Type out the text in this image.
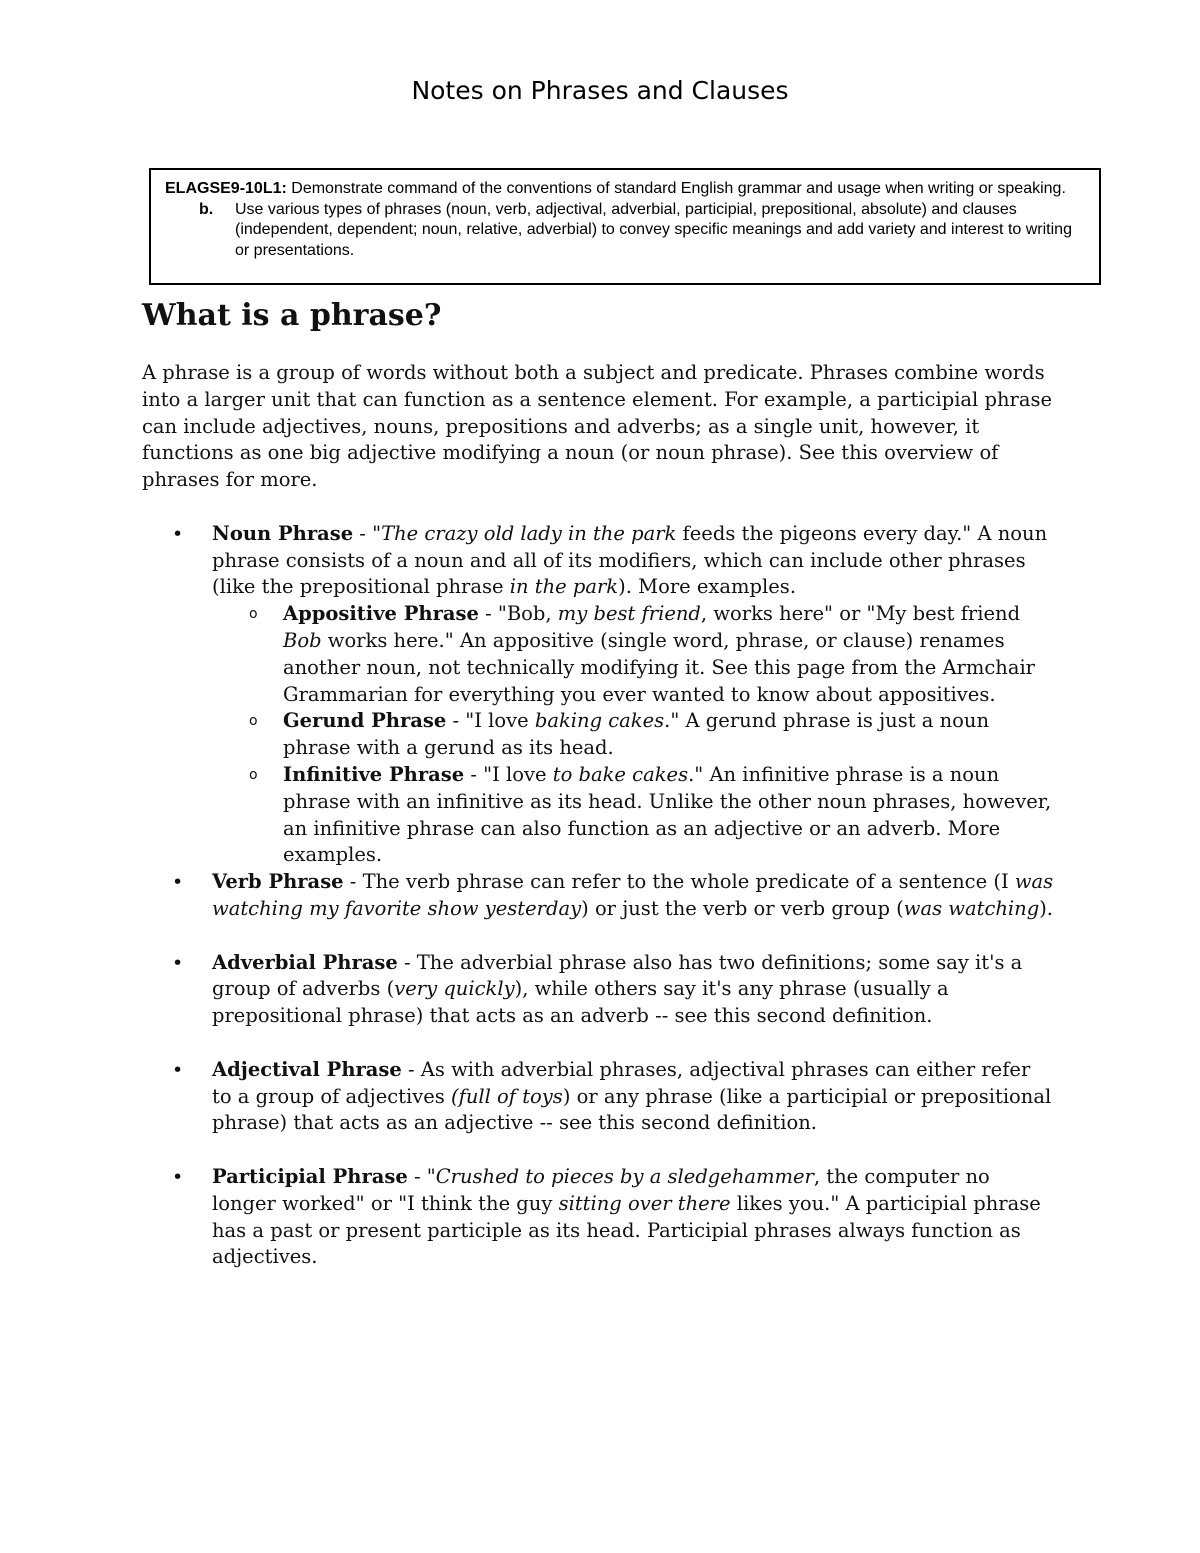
Notes on Phrases and Clauses
ELAGSE9-10L1: Demonstrate command of the conventions of standard English grammar and usage when writing or speaking.
b.	Use various types of phrases (noun, verb, adjectival, adverbial, participial, prepositional, absolute) and clauses (independent, dependent; noun, relative, adverbial) to convey specific meanings and add variety and interest to writing or presentations.
What is a phrase?

A phrase is a group of words without both a subject and predicate. Phrases combine words into a larger unit that can function as a sentence element. For example, a participial phrase can include adjectives, nouns, prepositions and adverbs; as a single unit, however, it functions as one big adjective modifying a noun (or noun phrase). See this overview of phrases for more.

• Noun Phrase - "The crazy old lady in the park feeds the pigeons every day." A noun phrase consists of a noun and all of its modifiers, which can include other phrases (like the prepositional phrase in the park). More examples.
o Appositive Phrase - "Bob, my best friend, works here" or "My best friend Bob works here." An appositive (single word, phrase, or clause) renames another noun, not technically modifying it. See this page from the Armchair Grammarian for everything you ever wanted to know about appositives.
o Gerund Phrase - "I love baking cakes." A gerund phrase is just a noun phrase with a gerund as its head.
o Infinitive Phrase - "I love to bake cakes." An infinitive phrase is a noun phrase with an infinitive as its head. Unlike the other noun phrases, however, an infinitive phrase can also function as an adjective or an adverb. More examples.
• Verb Phrase - The verb phrase can refer to the whole predicate of a sentence (I was watching my favorite show yesterday) or just the verb or verb group (was watching).
• Adverbial Phrase - The adverbial phrase also has two definitions; some say it's a group of adverbs (very quickly), while others say it's any phrase (usually a prepositional phrase) that acts as an adverb -- see this second definition.
• Adjectival Phrase - As with adverbial phrases, adjectival phrases can either refer to a group of adjectives (full of toys) or any phrase (like a participial or prepositional phrase) that acts as an adjective -- see this second definition.
• Participial Phrase - "Crushed to pieces by a sledgehammer, the computer no longer worked" or "I think the guy sitting over there likes you." A participial phrase has a past or present participle as its head. Participial phrases always function as adjectives.
